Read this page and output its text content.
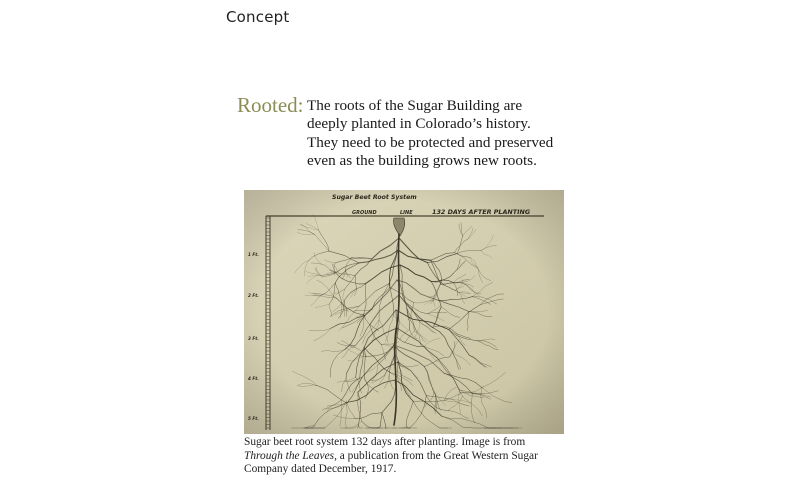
Concept
Rooted: The roots of the Sugar Building are deeply planted in Colorado’s history. They need to be protected and preserved even as the building grows new roots.
Sugar beet root system 132 days after planting. Image is from Through the Leaves, a publication from the Great Western Sugar Company dated December, 1917.
